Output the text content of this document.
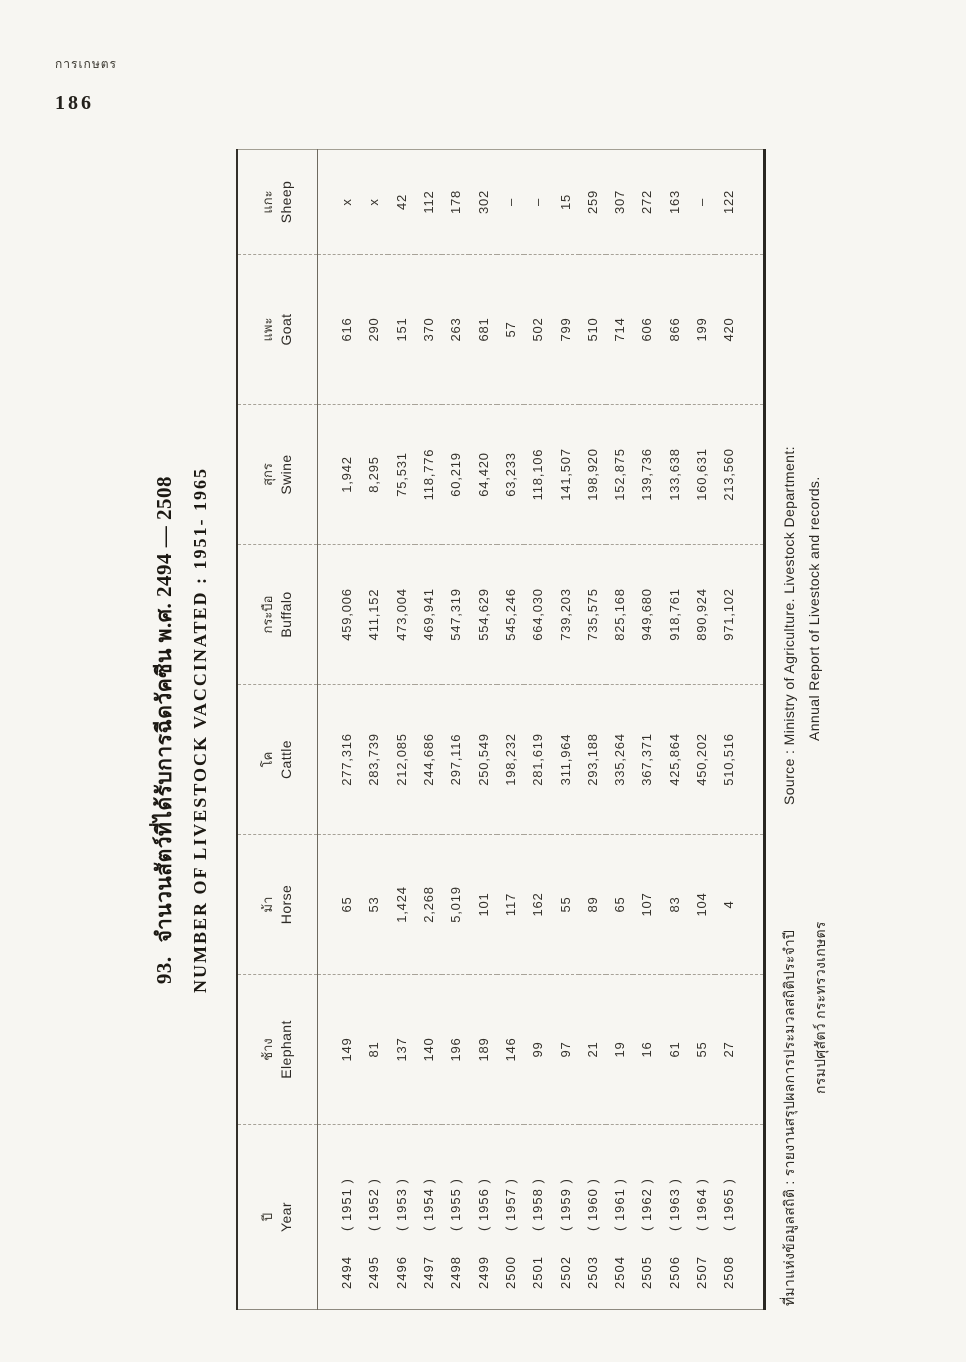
การเกษตร
186
93.จำนวนสัตว์ที่ได้รับการฉีดวัคซีน พ.ศ. 2494 — 2508 NUMBER OF LIVESTOCK VACCINATED : 1951- 1965
ปี Year

ช้าง Elephant

ม้า Horse

โค Cattle

กระบือ Buffalo

สุกร Swine

แพะ Goat

แกะ Sheep

2494
( 1951 )	149	65	277,316	459,006	1,942	616	x

2495
( 1952 )	81	53	283,739	411,152	8,295	290	x

2496
( 1953 )	137	1,424	212,085	473,004	75,531	151	42

2497
( 1954 )	140	2,268	244,686	469,941	118,776	370	112

2498
( 1955 )	196	5,019	297,116	547,319	60,219	263	178

2499
( 1956 )	189	101	250,549	554,629	64,420	681	302

2500
( 1957 )	146	117	198,232	545,246	63,233	57	–

2501
( 1958 )	99	162	281,619	664,030	118,106	502	–

2502
( 1959 )	97	55	311,964	739,203	141,507	799	15

2503
( 1960 )	21	89	293,188	735,575	198,920	510	259

2504
( 1961 )	19	65	335,264	825,168	152,875	714	307

2505
( 1962 )	16	107	367,371	949,680	139,736	606	272

2506
( 1963 )	61	83	425,864	918,761	133,638	866	163

2507
( 1964 )	55	104	450,202	890,924	160,631	199	–

2508
( 1965 )	27	4	510,516	971,102	213,560	420	122
ที่มาแห่งข้อมูลสถิติ : รายงานสรุปผลการประมวลสถิติประจำปี กรมปศุสัตว์ กระทรวงเกษตร
Source : Ministry of Agriculture. Livestock Department: Annual Report of Livestock and records.
